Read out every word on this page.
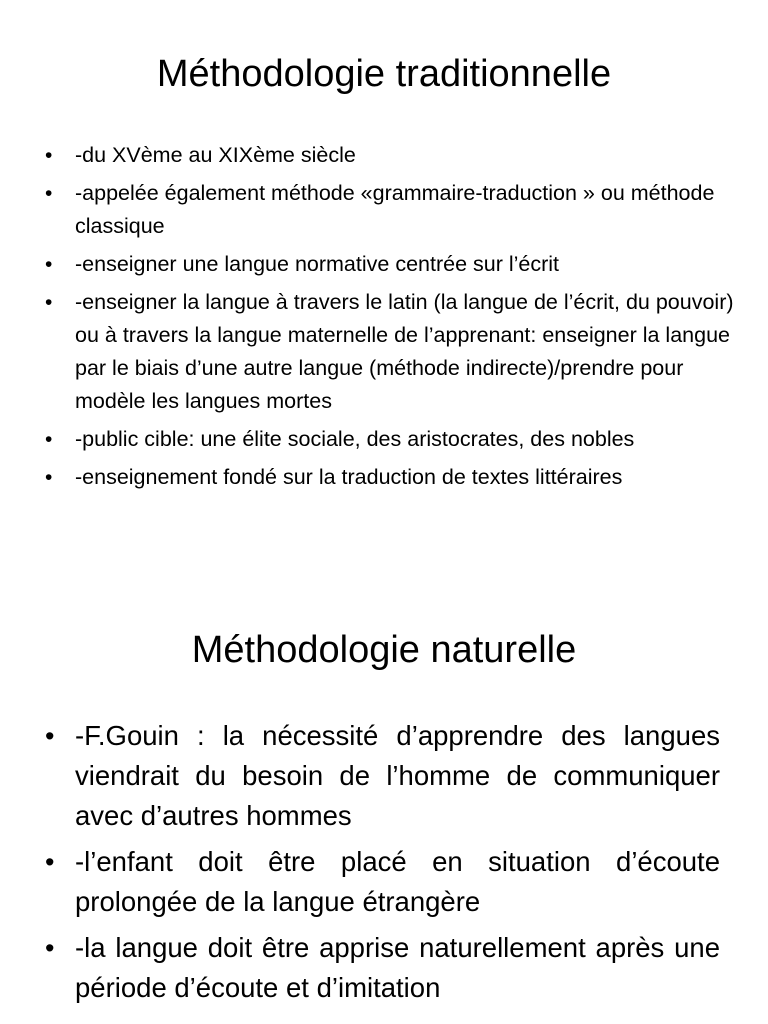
Méthodologie traditionnelle
• -du XVème au XIXème siècle
• -appelée également méthode «grammaire-traduction » ou méthode classique
• -enseigner une langue normative centrée sur l’écrit
• -enseigner la langue à travers le latin (la langue de l’écrit, du pouvoir) ou à travers la langue maternelle de l’apprenant: enseigner la langue par le biais d’une autre langue (méthode indirecte)/prendre pour modèle les langues mortes
• -public cible: une élite sociale, des aristocrates, des nobles
• -enseignement fondé sur la traduction de textes littéraires
Méthodologie naturelle
• -F.Gouin : la nécessité d’apprendre des langues viendrait du besoin de l’homme de communiquer avec d’autres hommes
• -l’enfant doit être placé en situation d’écoute prolongée de la langue étrangère
• -la langue doit être apprise naturellement après une période d’écoute et d’imitation
